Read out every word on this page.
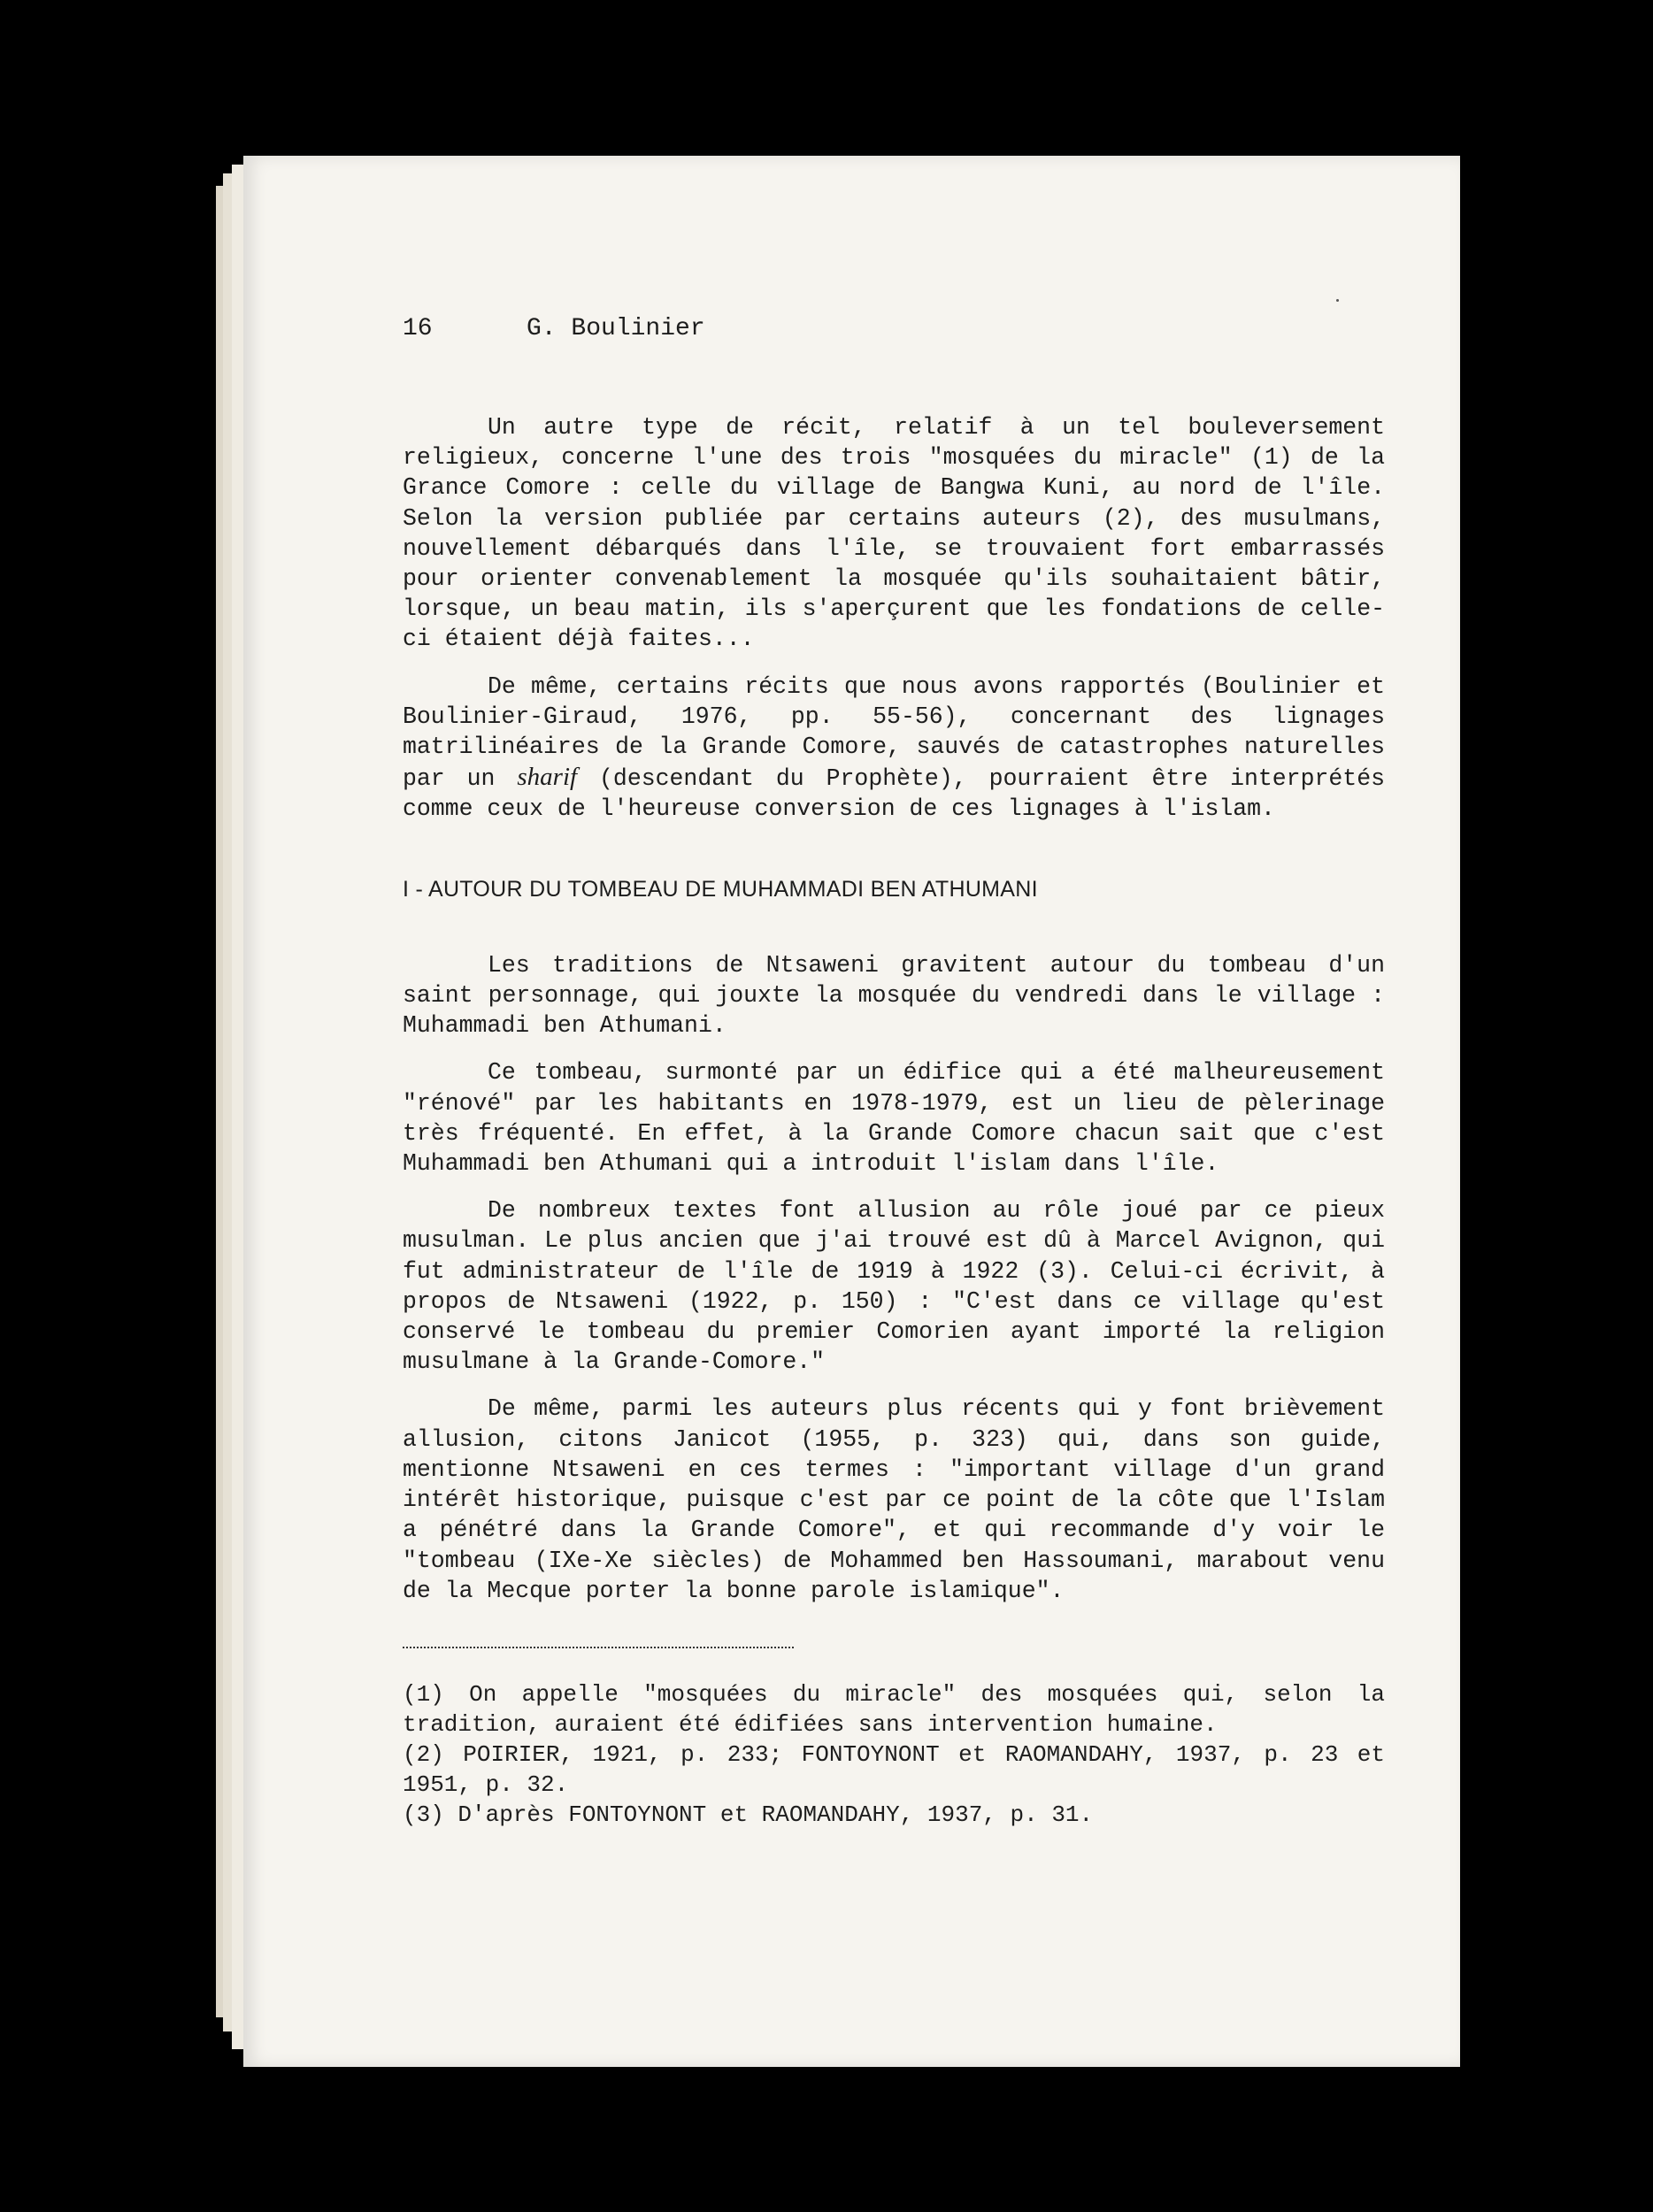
16	G. Boulinier

Un autre type de récit, relatif à un tel bouleversement religieux, concerne l'une des trois "mosquées du miracle" (1) de la Grance Comore : celle du village de Bangwa Kuni, au nord de l'île. Selon la version publiée par certains auteurs (2), des musulmans, nouvellement débarqués dans l'île, se trouvaient fort embarrassés pour orienter convenablement la mosquée qu'ils souhaitaient bâtir, lorsque, un beau matin, ils s'aperçurent que les fondations de celle-ci étaient déjà faites...

De même, certains récits que nous avons rapportés (Boulinier et Boulinier-Giraud, 1976, pp. 55-56), concernant des lignages matrilinéaires de la Grande Comore, sauvés de catastrophes naturelles par un sharif (descendant du Prophète), pourraient être interprétés comme ceux de l'heureuse conversion de ces lignages à l'islam.

I - AUTOUR DU TOMBEAU DE MUHAMMADI BEN ATHUMANI

Les traditions de Ntsaweni gravitent autour du tombeau d'un saint personnage, qui jouxte la mosquée du vendredi dans le village : Muhammadi ben Athumani.

Ce tombeau, surmonté par un édifice qui a été malheureusement "rénové" par les habitants en 1978-1979, est un lieu de pèlerinage très fréquenté. En effet, à la Grande Comore chacun sait que c'est Muhammadi ben Athumani qui a introduit l'islam dans l'île.

De nombreux textes font allusion au rôle joué par ce pieux musulman. Le plus ancien que j'ai trouvé est dû à Marcel Avignon, qui fut administrateur de l'île de 1919 à 1922 (3). Celui-ci écrivit, à propos de Ntsaweni (1922, p. 150) : "C'est dans ce village qu'est conservé le tombeau du premier Comorien ayant importé la religion musulmane à la Grande-Comore."

De même, parmi les auteurs plus récents qui y font brièvement allusion, citons Janicot (1955, p. 323) qui, dans son guide, mentionne Ntsaweni en ces termes : "important village d'un grand intérêt historique, puisque c'est par ce point de la côte que l'Islam a pénétré dans la Grande Comore", et qui recommande d'y voir le "tombeau (IXe-Xe siècles) de Mohammed ben Hassoumani, marabout venu de la Mecque porter la bonne parole islamique".

(1) On appelle "mosquées du miracle" des mosquées qui, selon la tradition, auraient été édifiées sans intervention humaine.
(2) POIRIER, 1921, p. 233; FONTOYNONT et RAOMANDAHY, 1937, p. 23 et 1951, p. 32.
(3) D'après FONTOYNONT et RAOMANDAHY, 1937, p. 31.
